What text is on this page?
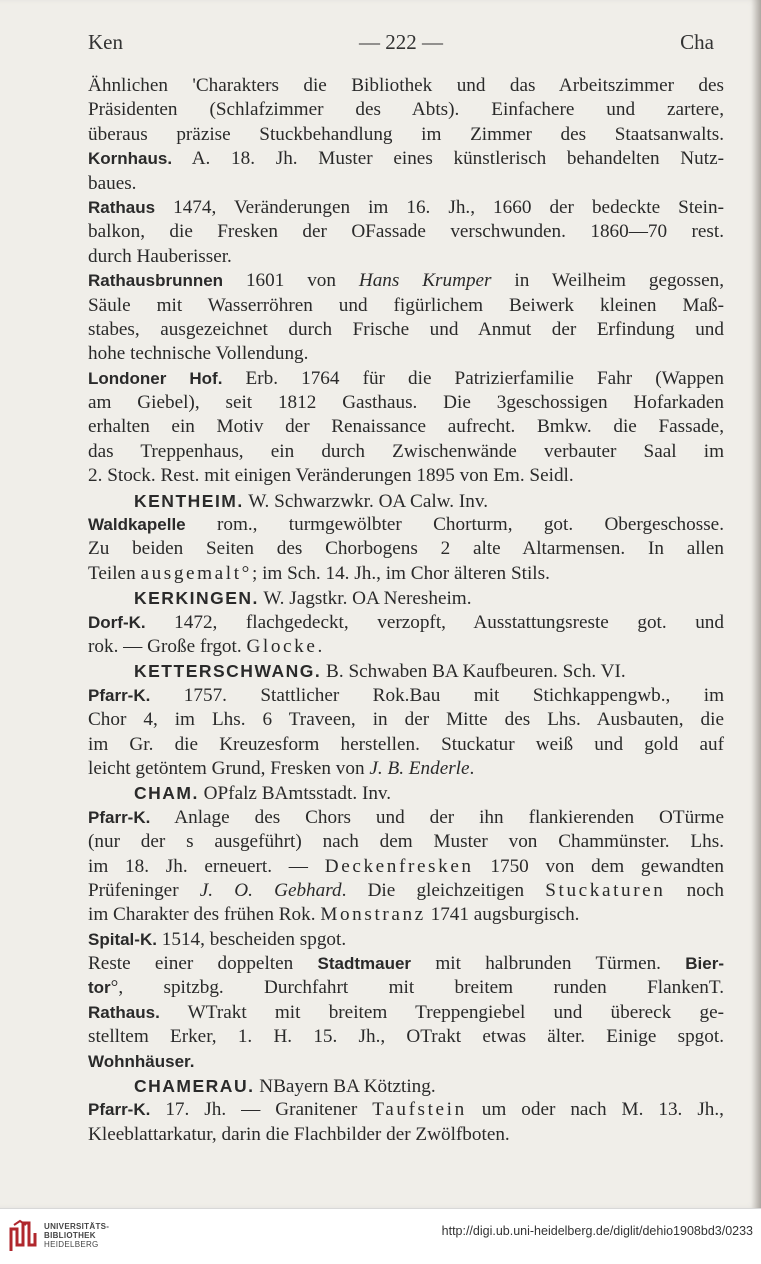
Ken	— 222 —	Cha
Ähnlichen 'Charakters die Bibliothek und das Arbeitszimmer des
Präsidenten (Schlafzimmer des Abts). Einfachere und zartere,
überaus präzise Stuckbehandlung im Zimmer des Staatsanwalts.
Kornhaus. A. 18. Jh. Muster eines künstlerisch behandelten Nutz-
baues.
Rathaus 1474, Veränderungen im 16. Jh., 1660 der bedeckte Stein-
balkon, die Fresken der OFassade verschwunden. 1860—70 rest.
durch Hauberisser.
Rathausbrunnen 1601 von Hans Krumper in Weilheim gegossen,
Säule mit Wasserröhren und figürlichem Beiwerk kleinen Maß-
stabes, ausgezeichnet durch Frische und Anmut der Erfindung und
hohe technische Vollendung.
Londoner Hof. Erb. 1764 für die Patrizierfamilie Fahr (Wappen
am Giebel), seit 1812 Gasthaus. Die 3geschossigen Hofarkaden
erhalten ein Motiv der Renaissance aufrecht. Bmkw. die Fassade,
das Treppenhaus, ein durch Zwischenwände verbauter Saal im
2. Stock. Rest. mit einigen Veränderungen 1895 von Em. Seidl.
KENTHEIM. W. Schwarzwkr. OA Calw. Inv.
Waldkapelle rom., turmgewölbter Chorturm, got. Obergeschosse.
Zu beiden Seiten des Chorbogens 2 alte Altarmensen. In allen
Teilen ausgemalt°; im Sch. 14. Jh., im Chor älteren Stils.
KERKINGEN. W. Jagstkr. OA Neresheim.
Dorf-K. 1472, flachgedeckt, verzopft, Ausstattungsreste got. und
rok. — Große frgot. Glocke.
KETTERSCHWANG. B. Schwaben BA Kaufbeuren. Sch. VI.
Pfarr-K. 1757. Stattlicher Rok.Bau mit Stichkappengwb., im
Chor 4, im Lhs. 6 Traveen, in der Mitte des Lhs. Ausbauten, die
im Gr. die Kreuzesform herstellen. Stuckatur weiß und gold auf
leicht getöntem Grund, Fresken von J. B. Enderle.
CHAM. OPfalz BAmtsstadt. Inv.
Pfarr-K. Anlage des Chors und der ihn flankierenden OTürme
(nur der s ausgeführt) nach dem Muster von Chammünster. Lhs.
im 18. Jh. erneuert. — Deckenfresken 1750 von dem gewandten
Prüfeninger J. O. Gebhard. Die gleichzeitigen Stuckaturen noch
im Charakter des frühen Rok. Monstranz 1741 augsburgisch.
Spital-K. 1514, bescheiden spgot.
Reste einer doppelten Stadtmauer mit halbrunden Türmen. Bier-
tor°, spitzbg. Durchfahrt mit breitem runden FlankenT.
Rathaus. WTrakt mit breitem Treppengiebel und übereck ge-
stelltem Erker, 1. H. 15. Jh., OTrakt etwas älter. Einige spgot.
Wohnhäuser.
CHAMERAU. NBayern BA Kötzting.
Pfarr-K. 17. Jh. — Granitener Taufstein um oder nach M. 13. Jh.,
Kleeblattarkatur, darin die Flachbilder der Zwölfboten.
UNIVERSITÄTS-
BIBLIOTHEK
HEIDELBERG
http://digi.ub.uni-heidelberg.de/diglit/dehio1908bd3/0233
